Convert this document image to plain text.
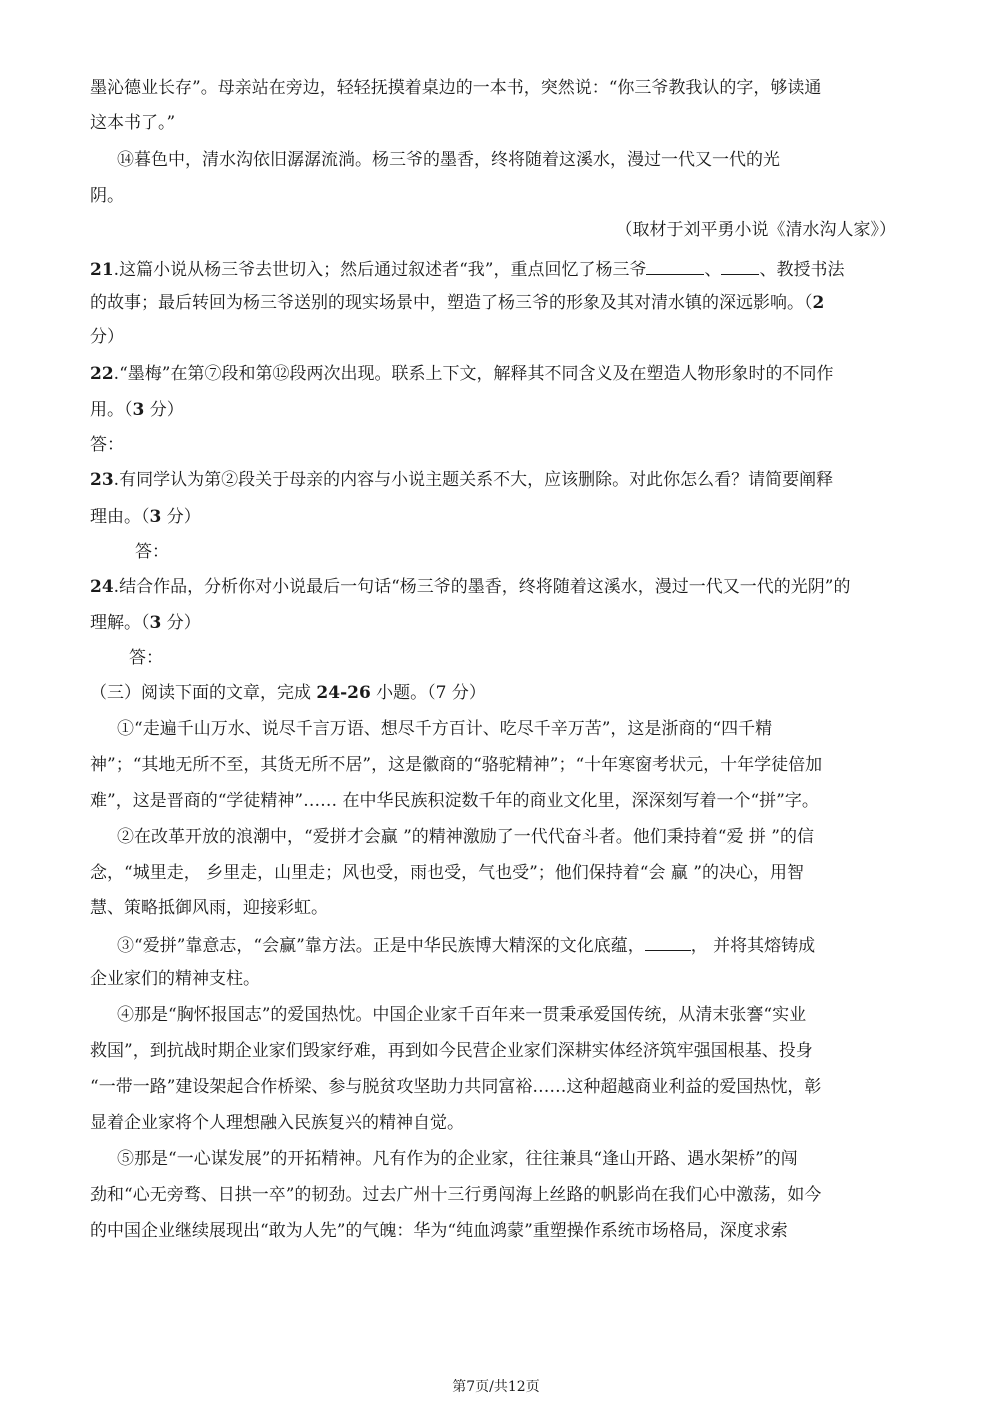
墨沁德业长存”。母亲站在旁边，轻轻抚摸着桌边的一本书，突然说：“你三爷教我认的字，够读通
这本书了。”
⑭暮色中，清水沟依旧潺潺流淌。杨三爷的墨香，终将随着这溪水，漫过一代又一代的光
阴。
（取材于刘平勇小说《清水沟人家》）
21.这篇小说从杨三爷去世切入；然后通过叙述者“我”，重点回忆了杨三爷	、 、教授书法
的故事；最后转回为杨三爷送别的现实场景中，塑造了杨三爷的形象及其对清水镇的深远影响。（2
分）
22.“墨梅”在第⑦段和第⑫段两次出现。联系上下文，解释其不同含义及在塑造人物形象时的不同作
用。（3 分）
答：
23.有同学认为第②段关于母亲的内容与小说主题关系不大，应该删除。对此你怎么看？请简要阐释
理由。（3 分）
答：
24.结合作品，分析你对小说最后一句话“杨三爷的墨香，终将随着这溪水，漫过一代又一代的光阴”的
理解。（3 分）
答：
（三）阅读下面的文章，完成 24-26 小题。（7 分）
①“走遍千山万水、说尽千言万语、想尽千方百计、吃尽千辛万苦”，这是浙商的“四千精
神”；“其地无所不至，其货无所不居”，这是徽商的“骆驼精神”；“十年寒窗考状元，十年学徒倍加
难”，这是晋商的“学徒精神”…… 在中华民族积淀数千年的商业文化里，深深刻写着一个“拼”字。
②在改革开放的浪潮中，“爱拼才会赢 ”的精神激励了一代代奋斗者。他们秉持着“爱 拼 ”的信
念，“城里走， 乡里走，山里走；风也受，雨也受，气也受”；他们保持着“会 赢 ”的决心，用智
慧、策略抵御风雨，迎接彩虹。
③“爱拼”靠意志，“会赢”靠方法。正是中华民族博大精深的文化底蕴，	， 并将其熔铸成
企业家们的精神支柱。
④那是“胸怀报国志”的爱国热忱。中国企业家千百年来一贯秉承爱国传统，从清末张謇“实业
救国”，到抗战时期企业家们毁家纾难，再到如今民营企业家们深耕实体经济筑牢强国根基、投身
“一带一路”建设架起合作桥梁、参与脱贫攻坚助力共同富裕……这种超越商业利益的爱国热忱，彰
显着企业家将个人理想融入民族复兴的精神自觉。
⑤那是“一心谋发展”的开拓精神。凡有作为的企业家，往往兼具“逢山开路、遇水架桥”的闯
劲和“心无旁骛、日拱一卒”的韧劲。过去广州十三行勇闯海上丝路的帆影尚在我们心中激荡，如今
的中国企业继续展现出“敢为人先”的气魄：华为“纯血鸿蒙”重塑操作系统市场格局，深度求索
第7页/共12页
